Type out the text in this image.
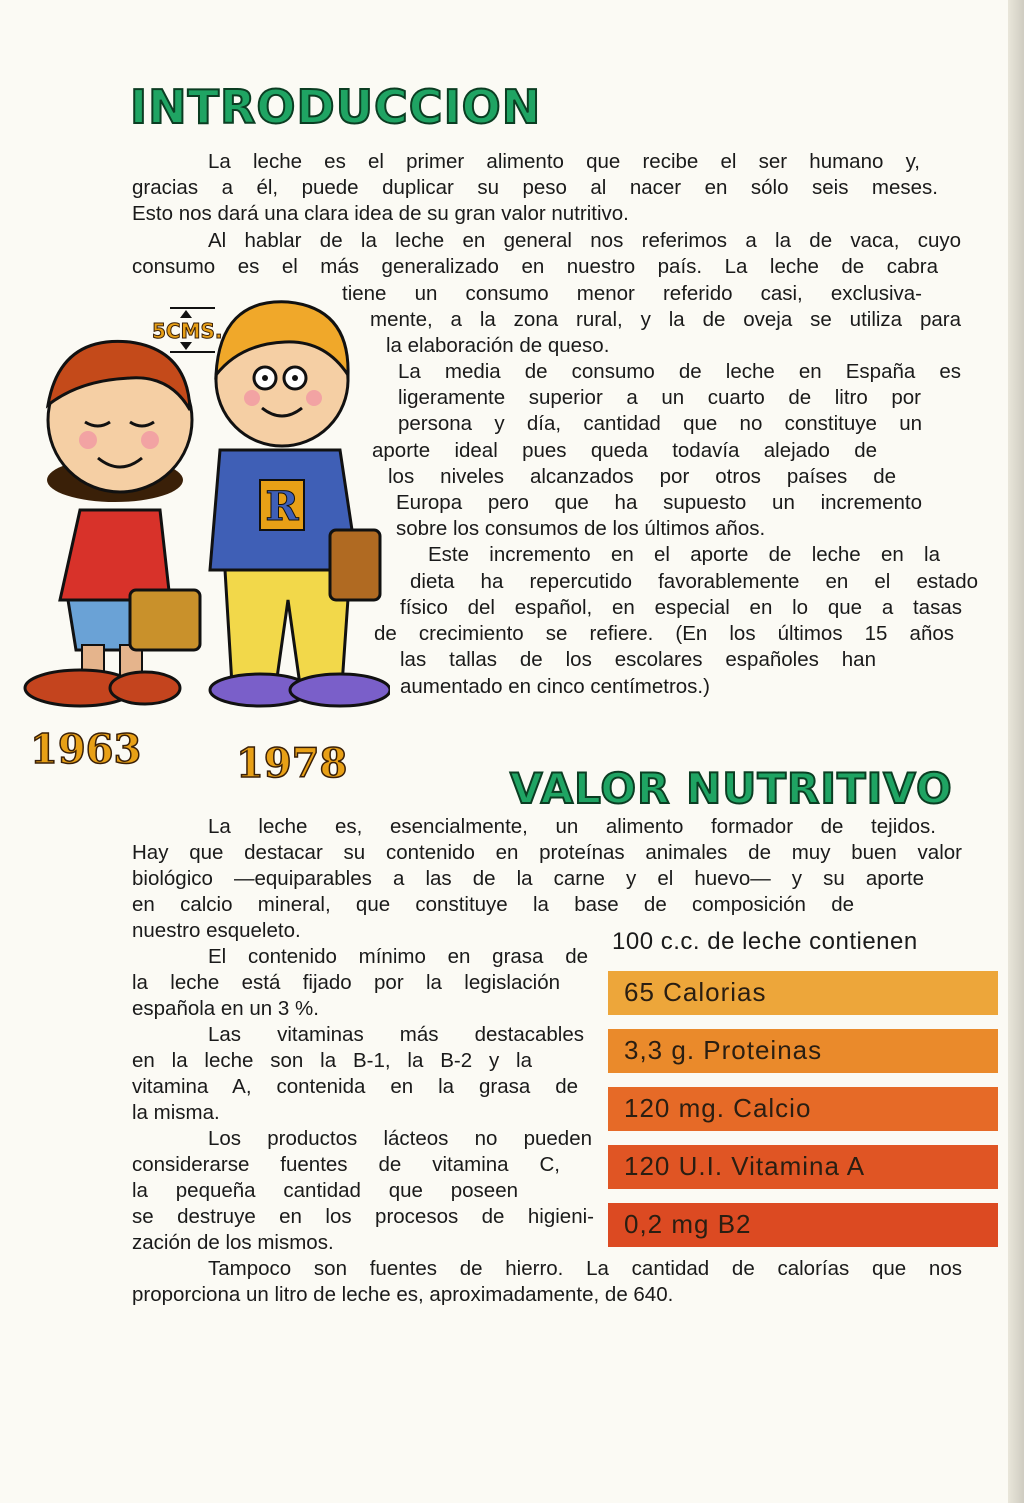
INTRODUCCION

La leche es el primer alimento que recibe el ser humano y,

gracias a él, puede duplicar su peso al nacer en sólo seis meses.

Esto nos dará una clara idea de su gran valor nutritivo.

Al hablar de la leche en general nos referimos a la de vaca, cuyo

consumo es el más generalizado en nuestro país. La leche de cabra

tiene un consumo menor referido casi, exclusiva-

mente, a la zona rural, y la de oveja se utiliza para

la elaboración de queso.

La media de consumo de leche en España es

ligeramente superior a un cuarto de litro por

persona y día, cantidad que no constituye un

aporte ideal pues queda todavía alejado de

los niveles alcanzados por otros países de

Europa pero que ha supuesto un incremento

sobre los consumos de los últimos años.

Este incremento en el aporte de leche en la

dieta ha repercutido favorablemente en el estado

físico del español, en especial en lo que a tasas

de crecimiento se refiere. (En los últimos 15 años

las tallas de los escolares españoles han

aumentado en cinco centímetros.)

R
5CMS.
1963 1978
VALOR NUTRITIVO

La leche es, esencialmente, un alimento formador de tejidos.

Hay que destacar su contenido en proteínas animales de muy buen valor

biológico —equiparables a las de la carne y el huevo— y su aporte

en calcio mineral, que constituye la base de composición de

nuestro esqueleto.

El contenido mínimo en grasa de

la leche está fijado por la legislación

española en un 3 %.

Las vitaminas más destacables

en la leche son la B-1, la B-2 y la

vitamina A, contenida en la grasa de

la misma.

Los productos lácteos no pueden

considerarse fuentes de vitamina C,

la pequeña cantidad que poseen

se destruye en los procesos de higieni-

zación de los mismos.

Tampoco son fuentes de hierro. La cantidad de calorías que nos

proporciona un litro de leche es, aproximadamente, de 640.

100 c.c. de leche contienen
65 Calorias
3,3 g. Proteinas
120 mg. Calcio
120 U.I. Vitamina A
0,2 mg B2
